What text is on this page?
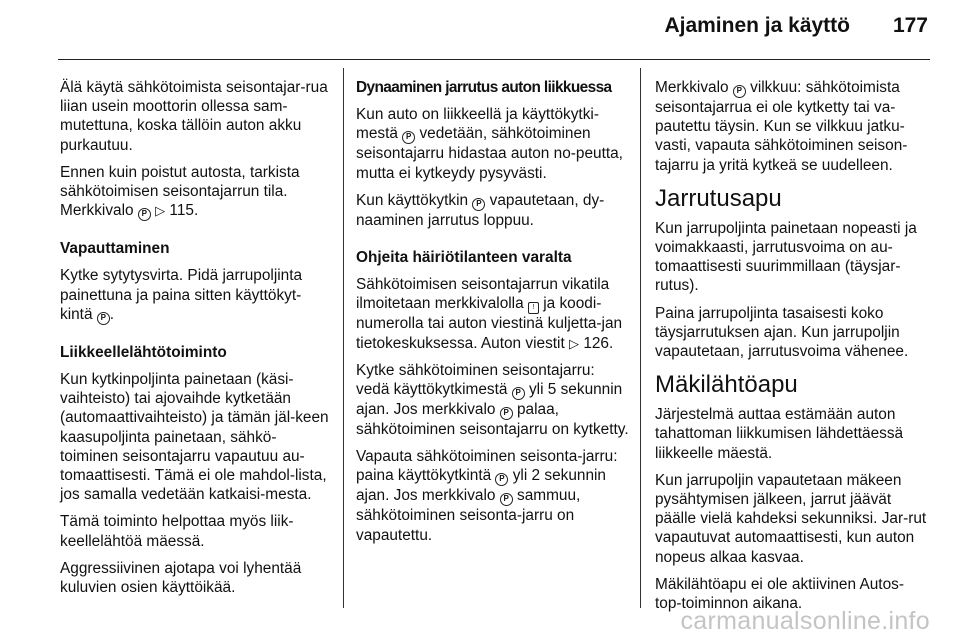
Ajaminen ja käyttö 177

Älä käytä sähkötoimista seisontajar-rua liian usein moottorin ollessa sam-mutettuna, koska tällöin auton akku purkautuu.

Ennen kuin poistut autosta, tarkista sähkötoimisen seisontajarrun tila. Merkkivalo P ▷ 115.

Vapauttaminen

Kytke sytytysvirta. Pidä jarrupoljinta painettuna ja paina sitten käyttökyt-kintä P .

Liikkeellelähtötoiminto

Kun kytkinpoljinta painetaan (käsi-vaihteisto) tai ajovaihde kytketään (automaattivaihteisto) ja tämän jäl-keen kaasupoljinta painetaan, sähkö-toiminen seisontajarru vapautuu au-tomaattisesti. Tämä ei ole mahdol-lista, jos samalla vedetään katkaisi-mesta.

Tämä toiminto helpottaa myös liik-keellelähtöä mäessä.

Aggressiivinen ajotapa voi lyhentää kuluvien osien käyttöikää.

Dynaaminen jarrutus auton liikkuessa

Kun auto on liikkeellä ja käyttökytki-mestä P vedetään, sähkötoiminen seisontajarru hidastaa auton no-peutta, mutta ei kytkeydy pysyvästi.

Kun käyttökytkin P vapautetaan, dy-naaminen jarrutus loppuu.

Ohjeita häiriötilanteen varalta

Sähkötoimisen seisontajarrun vikatila ilmoitetaan merkkivalolla ! ja koodi-numerolla tai auton viestinä kuljetta-jan tietokeskuksessa. Auton viestit ▷ 126.

Kytke sähkötoiminen seisontajarru: vedä käyttökytkimestä P yli 5 sekunnin ajan. Jos merkkivalo P palaa, sähkötoiminen seisontajarru on kytketty.

Vapauta sähkötoiminen seisonta-jarru: paina käyttökytkintä P yli 2 sekunnin ajan. Jos merkkivalo P sammuu, sähkötoiminen seisonta-jarru on vapautettu.

Merkkivalo P vilkkuu: sähkötoimista seisontajarrua ei ole kytketty tai va-pautettu täysin. Kun se vilkkuu jatku-vasti, vapauta sähkötoiminen seison-tajarru ja yritä kytkeä se uudelleen.

Jarrutusapu

Kun jarrupoljinta painetaan nopeasti ja voimakkaasti, jarrutusvoima on au-tomaattisesti suurimmillaan (täysjar-rutus).

Paina jarrupoljinta tasaisesti koko täysjarrutuksen ajan. Kun jarrupoljin vapautetaan, jarrutusvoima vähenee.

Mäkilähtöapu

Järjestelmä auttaa estämään auton tahattoman liikkumisen lähdettäessä liikkeelle mäestä.

Kun jarrupoljin vapautetaan mäkeen pysähtymisen jälkeen, jarrut jäävät päälle vielä kahdeksi sekunniksi. Jar-rut vapautuvat automaattisesti, kun auton nopeus alkaa kasvaa.

Mäkilähtöapu ei ole aktiivinen Autos-top-toiminnon aikana.

carmanualsonline.info
